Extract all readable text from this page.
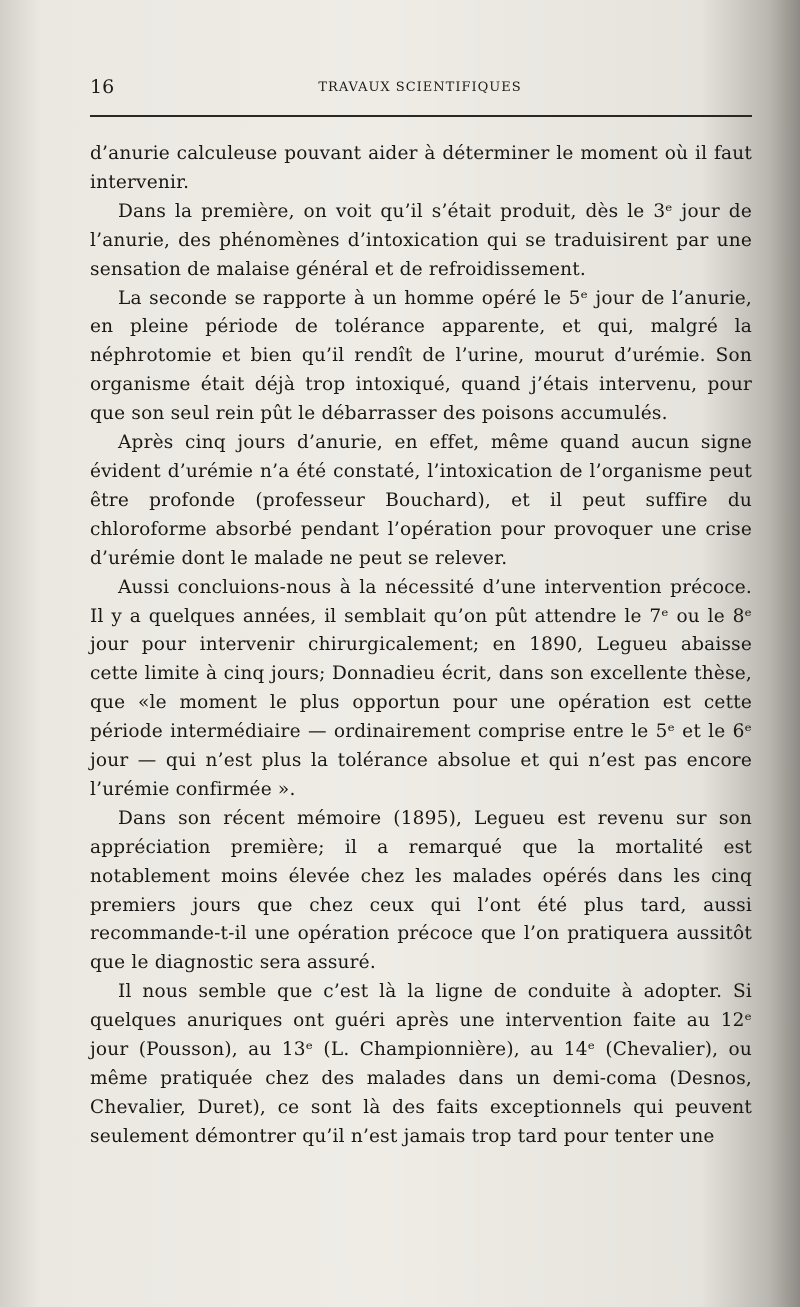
16	TRAVAUX SCIENTIFIQUES

d’anurie calculeuse pouvant aider à déterminer le moment où il faut intervenir.

Dans la première, on voit qu’il s’était produit, dès le 3ᵉ jour de l’anurie, des phénomènes d’intoxication qui se traduisirent par une sensation de malaise général et de refroidissement.

La seconde se rapporte à un homme opéré le 5ᵉ jour de l’anurie, en pleine période de tolérance apparente, et qui, malgré la néphrotomie et bien qu’il rendît de l’urine, mourut d’urémie. Son organisme était déjà trop intoxiqué, quand j’étais intervenu, pour que son seul rein pût le débarrasser des poisons accumulés.

Après cinq jours d’anurie, en effet, même quand aucun signe évident d’urémie n’a été constaté, l’intoxication de l’organisme peut être profonde (professeur Bouchard), et il peut suffire du chloroforme absorbé pendant l’opération pour provoquer une crise d’urémie dont le malade ne peut se relever.

Aussi concluions-nous à la nécessité d’une intervention précoce. Il y a quelques années, il semblait qu’on pût attendre le 7ᵉ ou le 8ᵉ jour pour intervenir chirurgicalement; en 1890, Legueu abaisse cette limite à cinq jours; Donnadieu écrit, dans son excellente thèse, que «le moment le plus opportun pour une opération est cette période intermédiaire — ordinairement comprise entre le 5ᵉ et le 6ᵉ jour — qui n’est plus la tolérance absolue et qui n’est pas encore l’urémie confirmée ».

Dans son récent mémoire (1895), Legueu est revenu sur son appréciation première; il a remarqué que la mortalité est notablement moins élevée chez les malades opérés dans les cinq premiers jours que chez ceux qui l’ont été plus tard, aussi recommande-t-il une opération précoce que l’on pratiquera aussitôt que le diagnostic sera assuré.

Il nous semble que c’est là la ligne de conduite à adopter. Si quelques anuriques ont guéri après une intervention faite au 12ᵉ jour (Pousson), au 13ᵉ (L. Championnière), au 14ᵉ (Chevalier), ou même pratiquée chez des malades dans un demi-coma (Desnos, Chevalier, Duret), ce sont là des faits exceptionnels qui peuvent seulement démontrer qu’il n’est jamais trop tard pour tenter une
